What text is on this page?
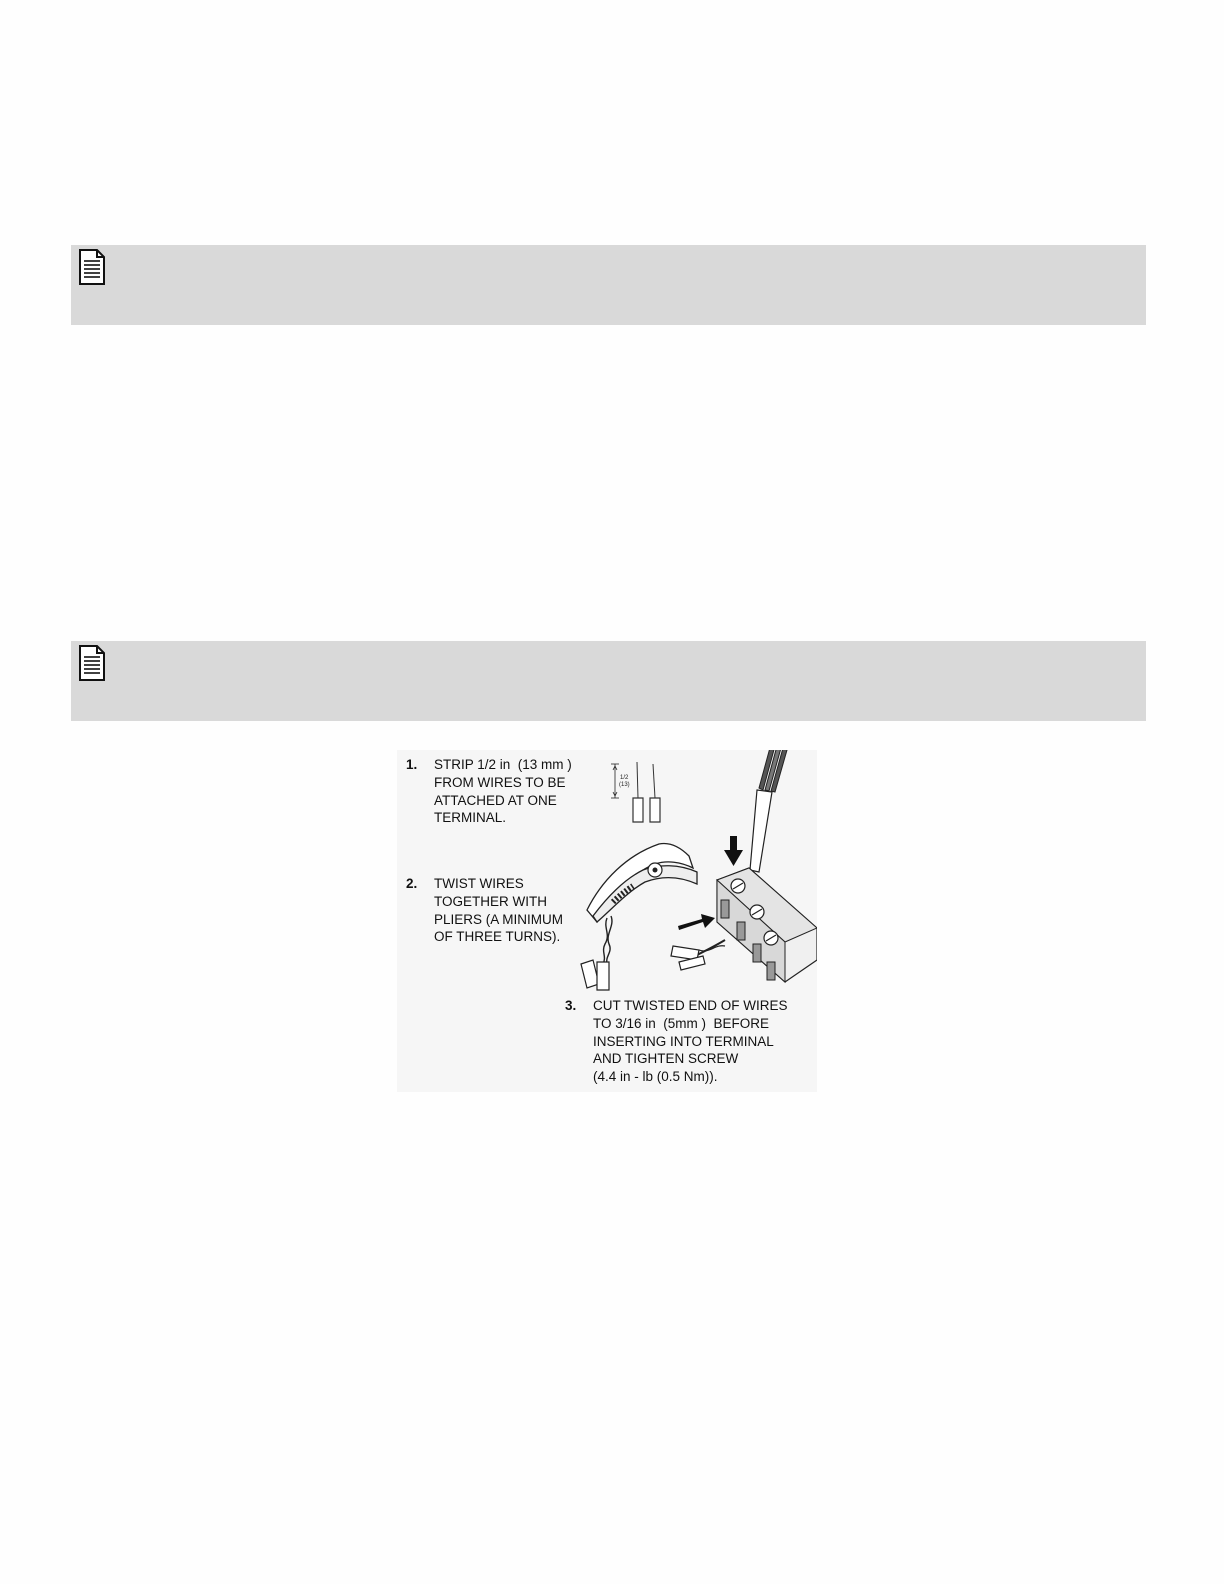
1/2
(13)
1. STRIP 1/2 in  (13 mm )
FROM WIRES TO BE
ATTACHED AT ONE
TERMINAL.
2. TWIST WIRES
TOGETHER WITH
PLIERS (A MINIMUM
OF THREE TURNS).
3. CUT TWISTED END OF WIRES
TO 3/16 in  (5mm )  BEFORE
INSERTING INTO TERMINAL
AND TIGHTEN SCREW
(4.4 in - lb (0.5 Nm)).
